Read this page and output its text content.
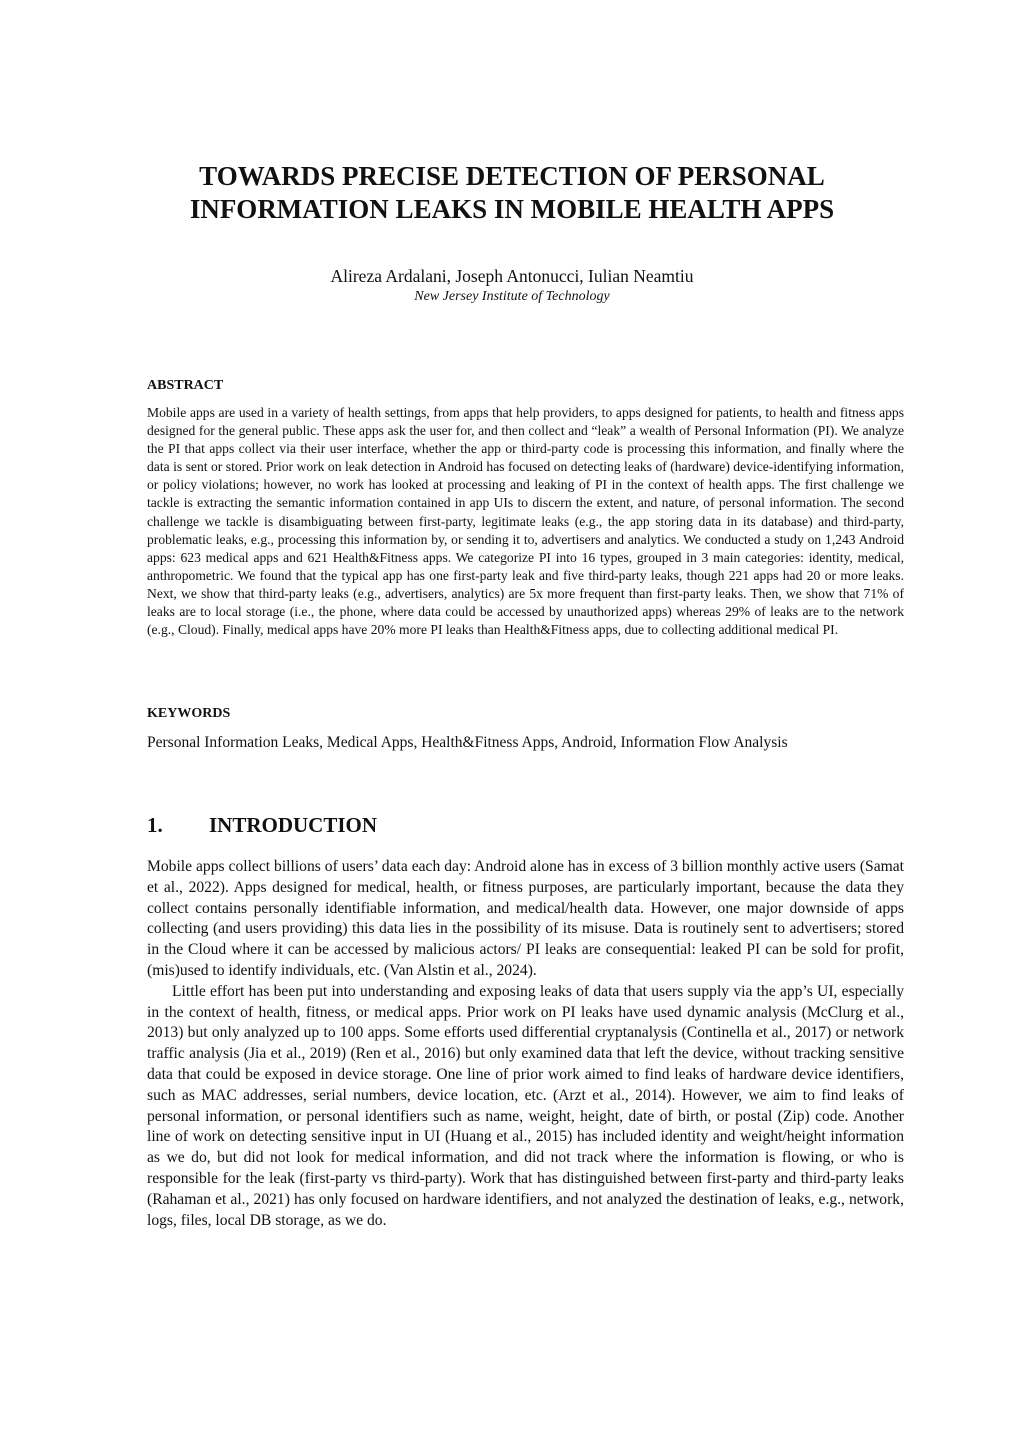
TOWARDS PRECISE DETECTION OF PERSONAL
INFORMATION LEAKS IN MOBILE HEALTH APPS
Alireza Ardalani, Joseph Antonucci, Iulian Neamtiu
New Jersey Institute of Technology
ABSTRACT
Mobile apps are used in a variety of health settings, from apps that help providers, to apps designed for patients, to health and fitness apps designed for the general public. These apps ask the user for, and then collect and “leak” a wealth of Personal Information (PI). We analyze the PI that apps collect via their user interface, whether the app or third-party code is processing this information, and finally where the data is sent or stored. Prior work on leak detection in Android has focused on detecting leaks of (hardware) device-identifying information, or policy violations; however, no work has looked at processing and leaking of PI in the context of health apps. The first challenge we tackle is extracting the semantic information contained in app UIs to discern the extent, and nature, of personal information. The second challenge we tackle is disambiguating between first-party, legitimate leaks (e.g., the app storing data in its database) and third-party, problematic leaks, e.g., processing this information by, or sending it to, advertisers and analytics. We conducted a study on 1,243 Android apps: 623 medical apps and 621 Health&Fitness apps. We categorize PI into 16 types, grouped in 3 main categories: identity, medical, anthropometric. We found that the typical app has one first-party leak and five third-party leaks, though 221 apps had 20 or more leaks. Next, we show that third-party leaks (e.g., advertisers, analytics) are 5x more frequent than first-party leaks. Then, we show that 71% of leaks are to local storage (i.e., the phone, where data could be accessed by unauthorized apps) whereas 29% of leaks are to the network (e.g., Cloud). Finally, medical apps have 20% more PI leaks than Health&Fitness apps, due to collecting additional medical PI.
KEYWORDS
Personal Information Leaks, Medical Apps, Health&Fitness Apps, Android, Information Flow Analysis
1. INTRODUCTION

Mobile apps collect billions of users’ data each day: Android alone has in excess of 3 billion monthly active users (Samat et al., 2022). Apps designed for medical, health, or fitness purposes, are particularly important, because the data they collect contains personally identifiable information, and medical/health data. However, one major downside of apps collecting (and users providing) this data lies in the possibility of its misuse. Data is routinely sent to advertisers; stored in the Cloud where it can be accessed by malicious actors/ PI leaks are consequential: leaked PI can be sold for profit, (mis)used to identify individuals, etc. (Van Alstin et al., 2024).

Little effort has been put into understanding and exposing leaks of data that users supply via the app’s UI, especially in the context of health, fitness, or medical apps. Prior work on PI leaks have used dynamic analysis (McClurg et al., 2013) but only analyzed up to 100 apps. Some efforts used differential cryptanalysis (Continella et al., 2017) or network traffic analysis (Jia et al., 2019) (Ren et al., 2016) but only examined data that left the device, without tracking sensitive data that could be exposed in device storage. One line of prior work aimed to find leaks of hardware device identifiers, such as MAC addresses, serial numbers, device location, etc. (Arzt et al., 2014). However, we aim to find leaks of personal information, or personal identifiers such as name, weight, height, date of birth, or postal (Zip) code. Another line of work on detecting sensitive input in UI (Huang et al., 2015) has included identity and weight/height information as we do, but did not look for medical information, and did not track where the information is flowing, or who is responsible for the leak (first-party vs third-party). Work that has distinguished between first-party and third-party leaks (Rahaman et al., 2021) has only focused on hardware identifiers, and not analyzed the destination of leaks, e.g., network, logs, files, local DB storage, as we do.
